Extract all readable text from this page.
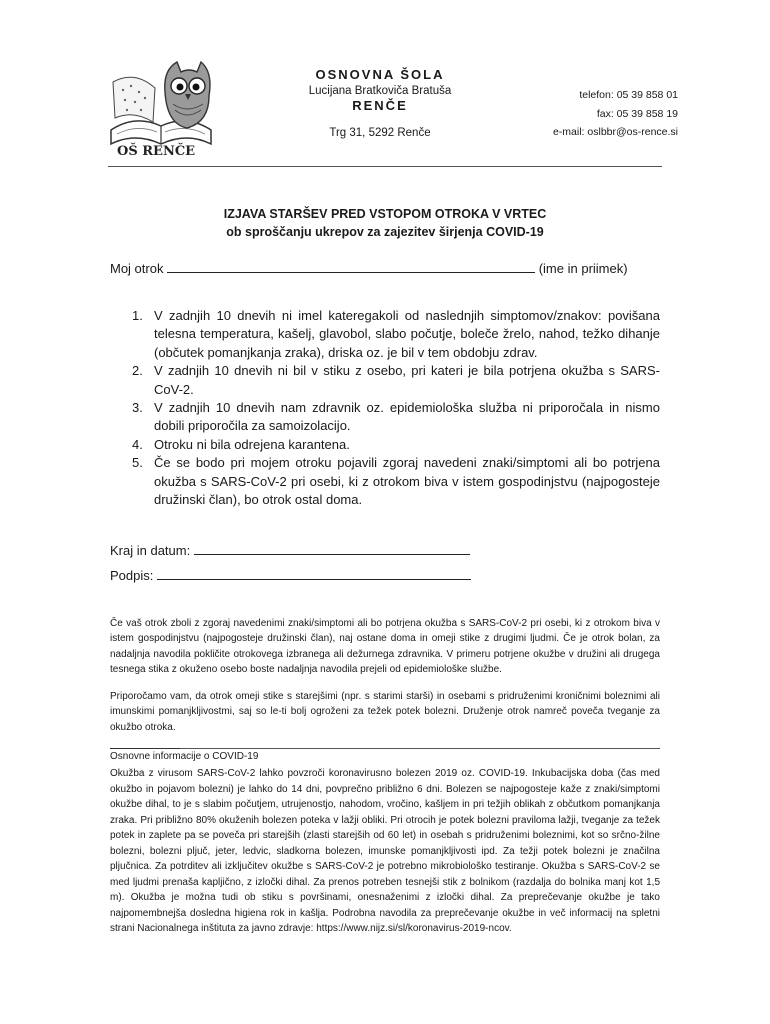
OŠ RENČE
OSNOVNA ŠOLA
Lucijana Bratkoviča Bratuša
RENČE
Trg 31, 5292 Renče
telefon: 05 39 858 01
fax: 05 39 858 19
e-mail: oslbbr@os-rence.si
IZJAVA STARŠEV PRED VSTOPOM OTROKA V VRTEC
ob sproščanju ukrepov za zajezitev širjenja COVID-19
Moj otrok	(ime in priimek)
1. V zadnjih 10 dnevih ni imel kateregakoli od naslednjih simptomov/znakov: povišana telesna temperatura, kašelj, glavobol, slabo počutje, boleče žrelo, nahod, težko dihanje (občutek pomanjkanja zraka), driska oz. je bil v tem obdobju zdrav.
2. V zadnjih 10 dnevih ni bil v stiku z osebo, pri kateri je bila potrjena okužba s SARS-CoV-2.
3. V zadnjih 10 dnevih nam zdravnik oz. epidemiološka služba ni priporočala in nismo dobili priporočila za samoizolacijo.
4. Otroku ni bila odrejena karantena.
5. Če se bodo pri mojem otroku pojavili zgoraj navedeni znaki/simptomi ali bo potrjena okužba s SARS-CoV-2 pri osebi, ki z otrokom biva v istem gospodinjstvu (najpogosteje družinski član), bo otrok ostal doma.
Kraj in datum:
Podpis:

Če vaš otrok zboli z zgoraj navedenimi znaki/simptomi ali bo potrjena okužba s SARS-CoV-2 pri osebi, ki z otrokom biva v istem gospodinjstvu (najpogosteje družinski član), naj ostane doma in omeji stike z drugimi ljudmi. Če je otrok bolan, za nadaljnja navodila pokličite otrokovega izbranega ali dežurnega zdravnika. V primeru potrjene okužbe v družini ali drugega tesnega stika z okuženo osebo boste nadaljnja navodila prejeli od epidemiološke službe.

Priporočamo vam, da otrok omeji stike s starejšimi (npr. s starimi starši) in osebami s pridruženimi kroničnimi boleznimi ali imunskimi pomanjkljivostmi, saj so le-ti bolj ogroženi za težek potek bolezni. Druženje otrok namreč poveča tveganje za okužbo otroka.

Osnovne informacije o COVID-19

Okužba z virusom SARS-CoV-2 lahko povzroči koronavirusno bolezen 2019 oz. COVID-19. Inkubacijska doba (čas med okužbo in pojavom bolezni) je lahko do 14 dni, povprečno približno 6 dni. Bolezen se najpogosteje kaže z znaki/simptomi okužbe dihal, to je s slabim počutjem, utrujenostjo, nahodom, vročino, kašljem in pri težjih oblikah z občutkom pomanjkanja zraka. Pri približno 80% okuženih bolezen poteka v lažji obliki. Pri otrocih je potek bolezni praviloma lažji, tveganje za težek potek in zaplete pa se poveča pri starejših (zlasti starejših od 60 let) in osebah s pridruženimi boleznimi, kot so srčno-žilne bolezni, bolezni pljuč, jeter, ledvic, sladkorna bolezen, imunske pomanjkljivosti ipd. Za težji potek bolezni je značilna pljučnica. Za potrditev ali izključitev okužbe s SARS-CoV-2 je potrebno mikrobiološko testiranje. Okužba s SARS-CoV-2 se med ljudmi prenaša kapljično, z izločki dihal. Za prenos potreben tesnejši stik z bolnikom (razdalja do bolnika manj kot 1,5 m). Okužba je možna tudi ob stiku s površinami, onesnaženimi z izločki dihal. Za preprečevanje okužbe je tako najpomembnejša dosledna higiena rok in kašlja. Podrobna navodila za preprečevanje okužbe in več informacij na spletni strani Nacionalnega inštituta za javno zdravje: https://www.nijz.si/sl/koronavirus-2019-ncov.
